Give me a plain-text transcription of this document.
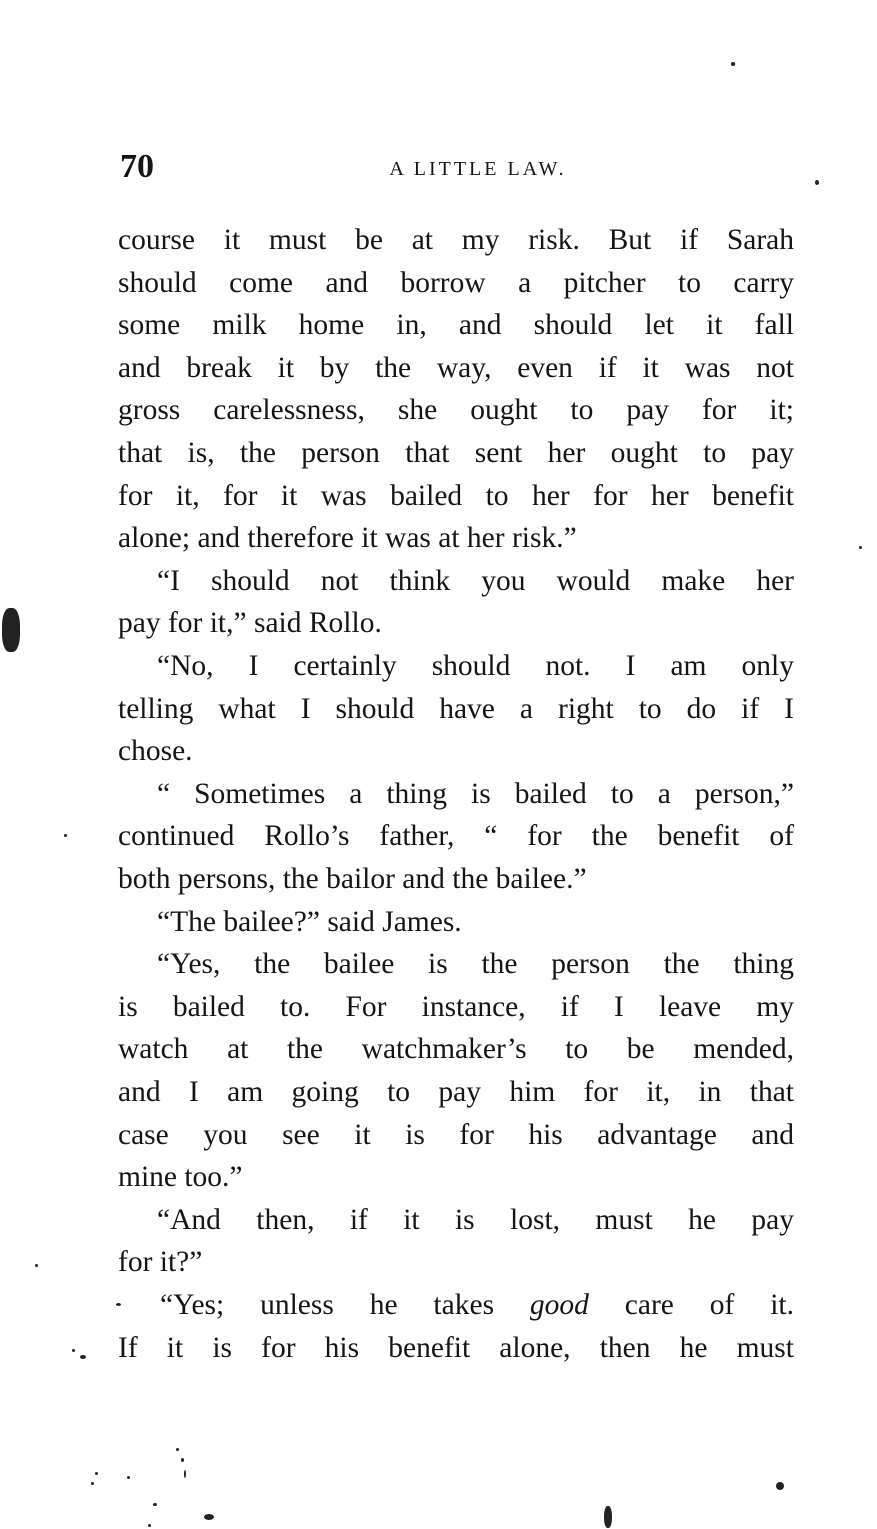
70	A LITTLE LAW.
course it must be at my risk. But if Sarah
should come and borrow a pitcher to carry
some milk home in, and should let it fall
and break it by the way, even if it was not
gross carelessness, she ought to pay for it;
that is, the person that sent her ought to pay
for it, for it was bailed to her for her benefit
alone; and therefore it was at her risk.”
“I should not think you would make her
pay for it,” said Rollo.
“No, I certainly should not. I am only
telling what I should have a right to do if I
chose.
“ Sometimes a thing is bailed to a person,”
continued Rollo’s father, “ for the benefit of
both persons, the bailor and the bailee.”
“The bailee?” said James.
“Yes, the bailee is the person the thing
is bailed to. For instance, if I leave my
watch at the watchmaker’s to be mended,
and I am going to pay him for it, in that
case you see it is for his advantage and
mine too.”
“And then, if it is lost, must he pay
for it?”
“Yes; unless he takes good care of it.
If it is for his benefit alone, then he must
